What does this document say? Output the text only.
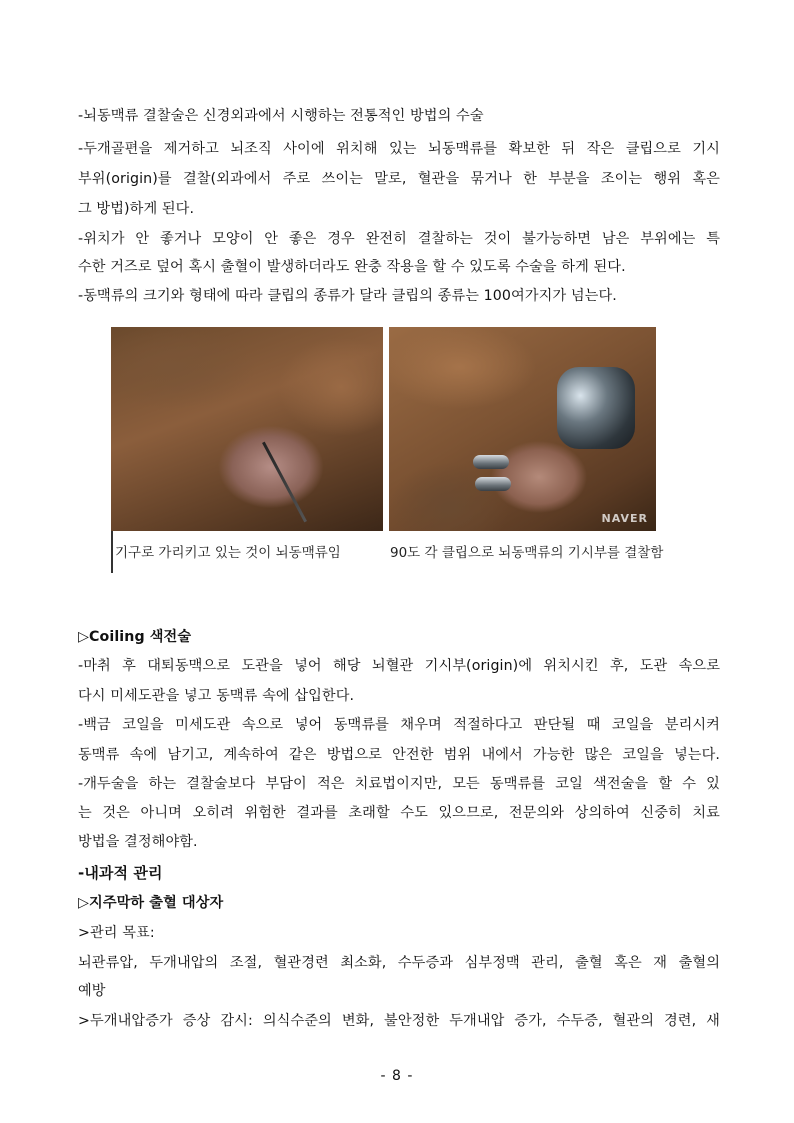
-뇌동맥류 결찰술은 신경외과에서 시행하는 전통적인 방법의 수술
-두개골편을 제거하고 뇌조직 사이에 위치해 있는 뇌동맥류를 확보한 뒤 작은 클립으로 기시
부위(origin)를 결찰(외과에서 주로 쓰이는 말로, 혈관을 묶거나 한 부분을 조이는 행위 혹은
그 방법)하게 된다.
-위치가 안 좋거나 모양이 안 좋은 경우 완전히 결찰하는 것이 불가능하면 남은 부위에는 특
수한 거즈로 덮어 혹시 출혈이 발생하더라도 완충 작용을 할 수 있도록 수술을 하게 된다.
-동맥류의 크기와 형태에 따라 클립의 종류가 달라 클립의 종류는 100여가지가 넘는다.
NAVER
기구로 가리키고 있는 것이 뇌동맥류임	90도 각 클립으로 뇌동맥류의 기시부를 결찰함
▷Coiling 색전술
-마취 후 대퇴동맥으로 도관을 넣어 해당 뇌혈관 기시부(origin)에 위치시킨 후, 도관 속으로
다시 미세도관을 넣고 동맥류 속에 삽입한다.
-백금 코일을 미세도관 속으로 넣어 동맥류를 채우며 적절하다고 판단될 때 코일을 분리시켜
동맥류 속에 남기고, 계속하여 같은 방법으로 안전한 범위 내에서 가능한 많은 코일을 넣는다.
-개두술을 하는 결찰술보다 부담이 적은 치료법이지만, 모든 동맥류를 코일 색전술을 할 수 있
는 것은 아니며 오히려 위험한 결과를 초래할 수도 있으므로, 전문의와 상의하여 신중히 치료
방법을 결정해야함.
-내과적 관리
▷지주막하 출혈 대상자
>관리 목표:
뇌관류압, 두개내압의 조절, 혈관경련 최소화, 수두증과 심부정맥 관리, 출혈 혹은 재 출혈의
예방
>두개내압증가 증상 감시: 의식수준의 변화, 불안정한 두개내압 증가, 수두증, 혈관의 경련, 새
- 8 -
